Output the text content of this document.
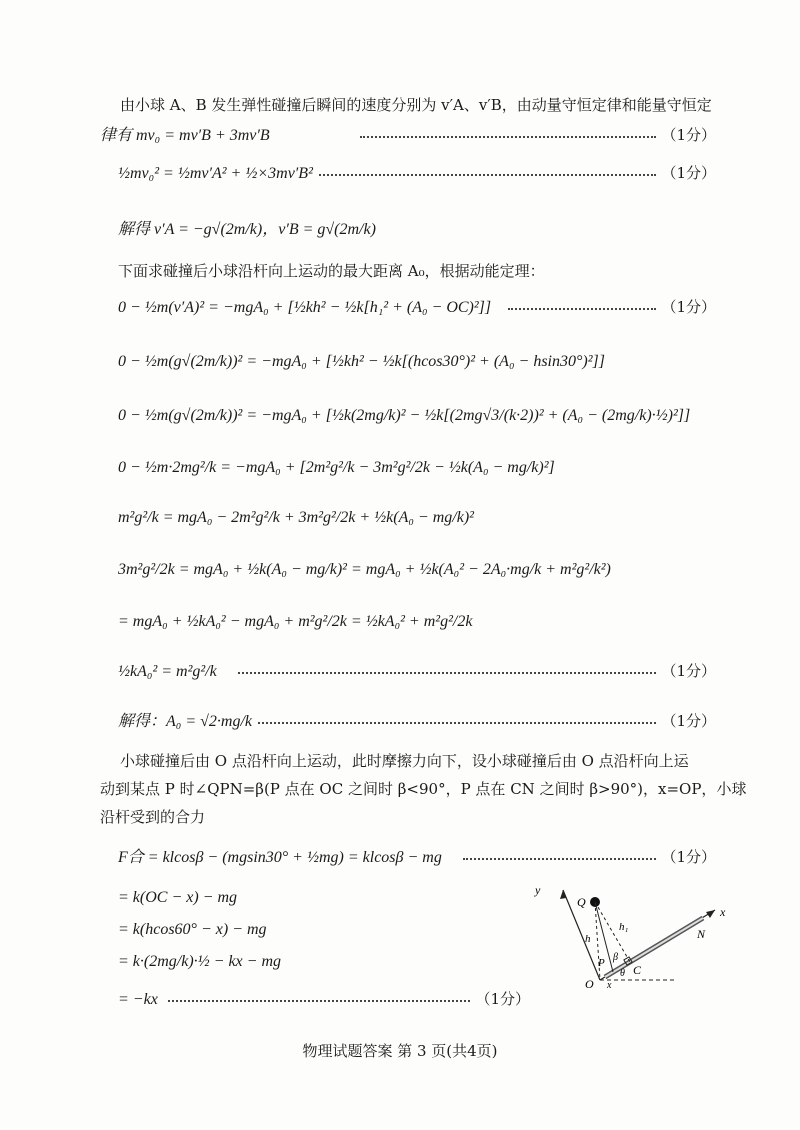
由小球 A、B 发生弹性碰撞后瞬间的速度分别为 v′A、v′B，由动量守恒定律和能量守恒定
律有 mv₀ = mv′B + 3mv′B	（1分）
½mv₀² = ½mv′A² + ½×3mv′B²	（1分）
解得 v′A = −g√(2m/k)，v′B = g√(2m/k)
下面求碰撞后小球沿杆向上运动的最大距离 A₀，根据动能定理：
0 − ½m(v′A)² = −mgA₀ + [½kh² − ½k[h₁² + (A₀ − OC)²]]	（1分）
0 − ½m(g√(2m/k))² = −mgA₀ + [½kh² − ½k[(hcos30°)² + (A₀ − hsin30°)²]]
0 − ½m(g√(2m/k))² = −mgA₀ + [½k(2mg/k)² − ½k[(2mg√3/(k·2))² + (A₀ − (2mg/k)·½)²]]
0 − ½m·2mg²/k = −mgA₀ + [2m²g²/k − 3m²g²/2k − ½k(A₀ − mg/k)²]
m²g²/k = mgA₀ − 2m²g²/k + 3m²g²/2k + ½k(A₀ − mg/k)²
3m²g²/2k = mgA₀ + ½k(A₀ − mg/k)² = mgA₀ + ½k(A₀² − 2A₀·mg/k + m²g²/k²)
= mgA₀ + ½kA₀² − mgA₀ + m²g²/2k = ½kA₀² + m²g²/2k
½kA₀² = m²g²/k	（1分）
解得：A₀ = √2·mg/k	（1分）
小球碰撞后由 O 点沿杆向上运动，此时摩擦力向下，设小球碰撞后由 O 点沿杆向上运
动到某点 P 时∠QPN=β(P 点在 OC 之间时 β<90°，P 点在 CN 之间时 β>90°)，x=OP，小球
沿杆受到的合力
F合 = klcosβ − (mgsin30° + ½mg) = klcosβ − mg	（1分）
= k(OC − x) − mg
= k(hcos60° − x) − mg
= k·(2mg/k)·½ − kx − mg
= −kx	（1分）
y
x
Q
O
P C
N
h
h₁
β
θ
x
物理试题答案 第 3 页(共4页)
